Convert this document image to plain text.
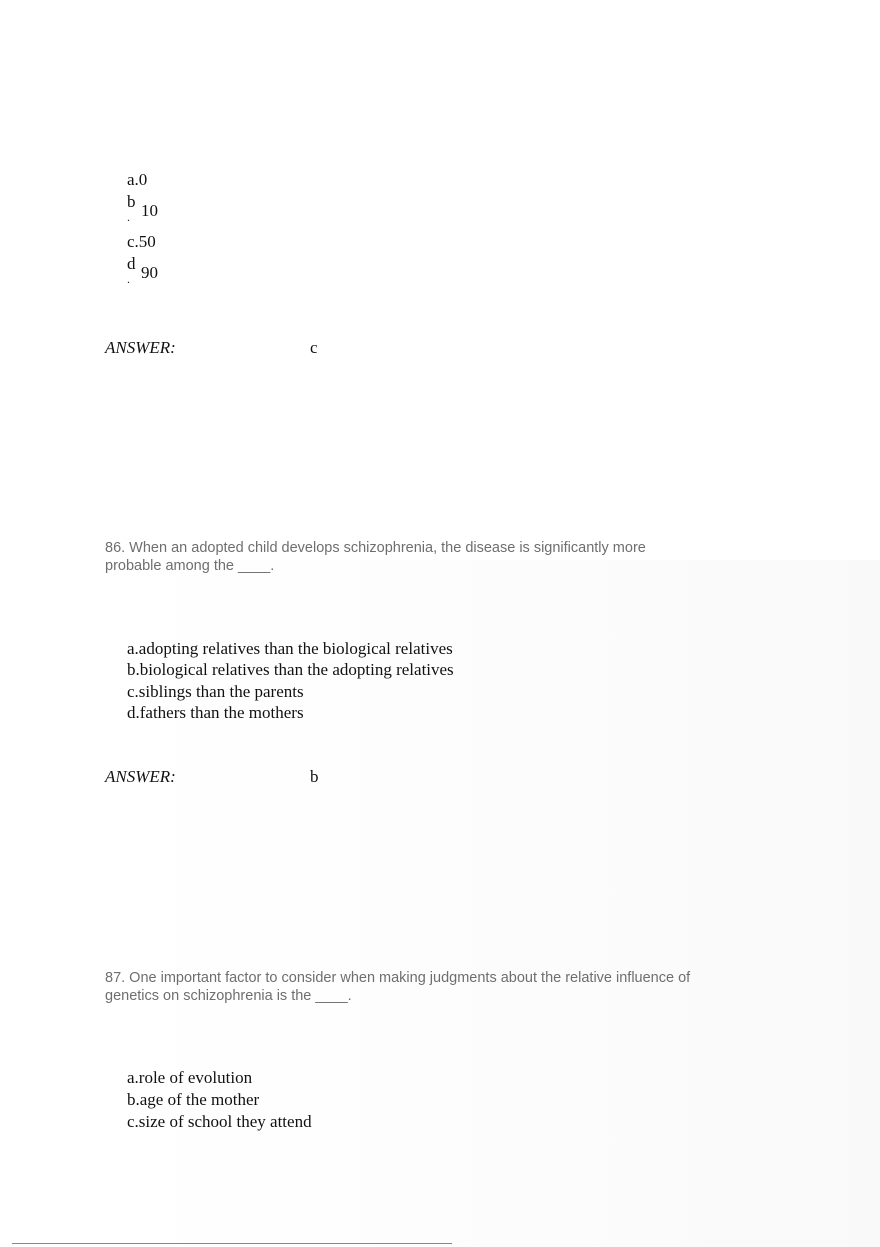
a.0
b
. 10
c.50
d
. 90
ANSWER:	c
86. When an adopted child develops schizophrenia, the disease is significantly more probable among the ____.
a.adopting relatives than the biological relatives
b.biological relatives than the adopting relatives
c.siblings than the parents
d.fathers than the mothers
ANSWER:	b
87. One important factor to consider when making judgments about the relative influence of genetics on schizophrenia is the ____.
a.role of evolution
b.age of the mother
c.size of school they attend
